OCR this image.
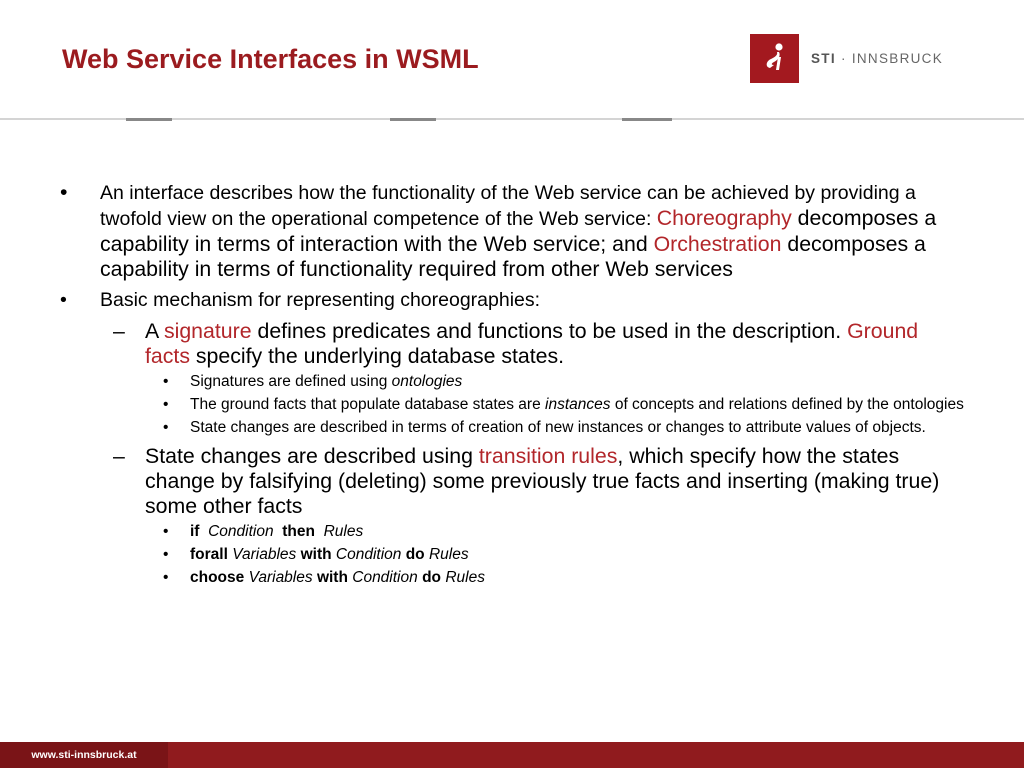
Web Service Interfaces in WSML	STI · INNSBRUCK
• An interface describes how the functionality of the Web service can be achieved by providing a twofold view on the operational competence of the Web service: Choreography decomposes a capability in terms of interaction with the Web service; and Orchestration decomposes a capability in terms of functionality required from other Web services
• Basic mechanism for representing choreographies:
– A signature defines predicates and functions to be used in the description. Ground facts specify the underlying database states.
• Signatures are defined using ontologies
• The ground facts that populate database states are instances of concepts and relations defined by the ontologies
• State changes are described in terms of creation of new instances or changes to attribute values of objects.
– State changes are described using transition rules, which specify how the states change by falsifying (deleting) some previously true facts and inserting (making true) some other facts
• if Condition then Rules
• forall Variables with Condition do Rules
• choose Variables with Condition do Rules
www.sti-innsbruck.at
